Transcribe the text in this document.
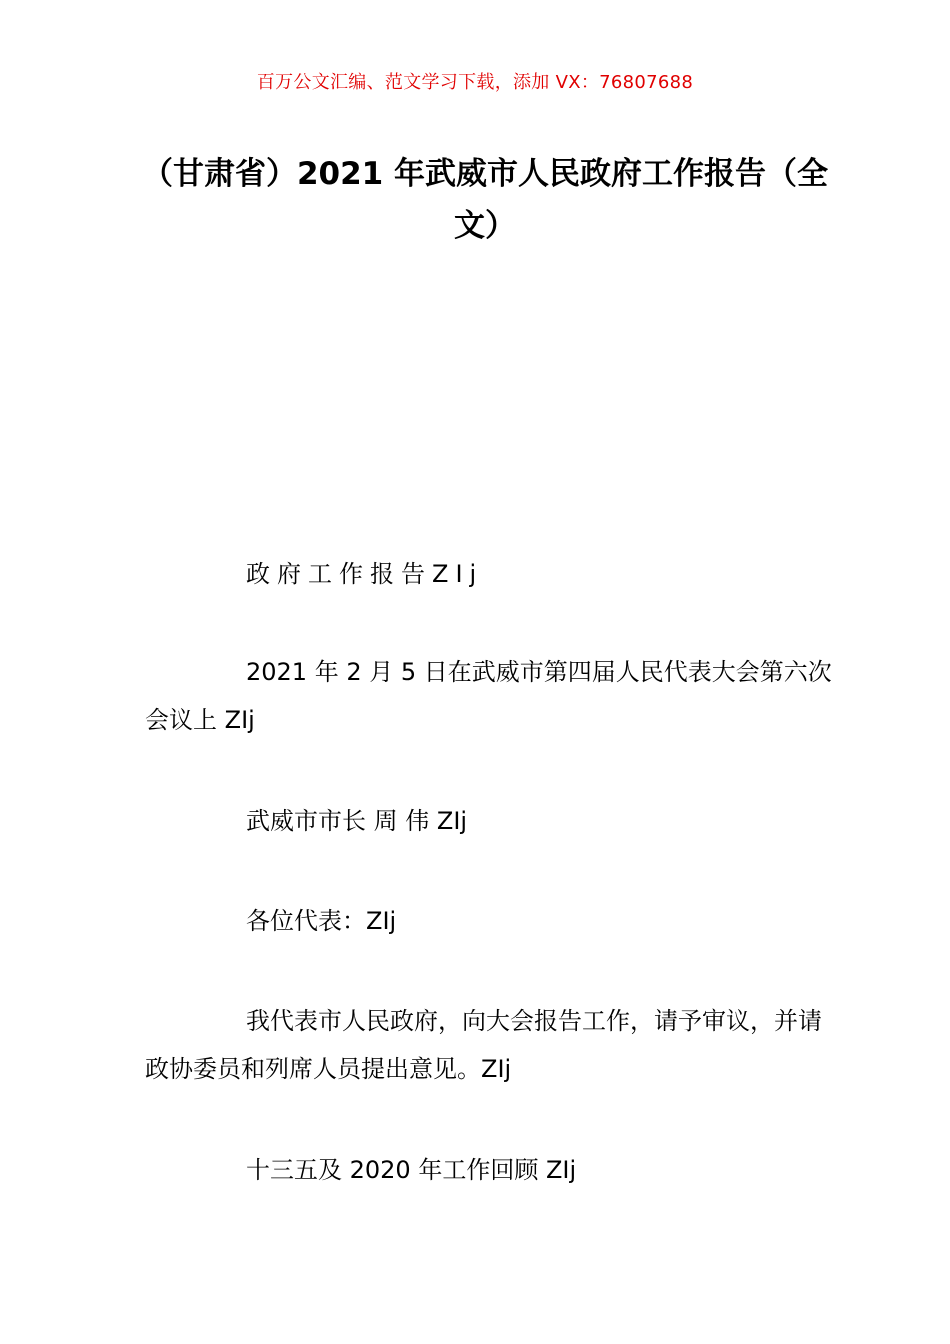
百万公文汇编、范文学习下载，添加 VX：76807688
（甘肃省）2021 年武威市人民政府工作报告（全文）
政府工作报告ZIj
2021 年 2 月 5 日在武威市第四届人民代表大会第六次会议上 ZIj
武威市市长 周 伟 ZIj
各位代表：ZIj
我代表市人民政府，向大会报告工作，请予审议，并请政协委员和列席人员提出意见。ZIj
十三五及 2020 年工作回顾 ZIj
